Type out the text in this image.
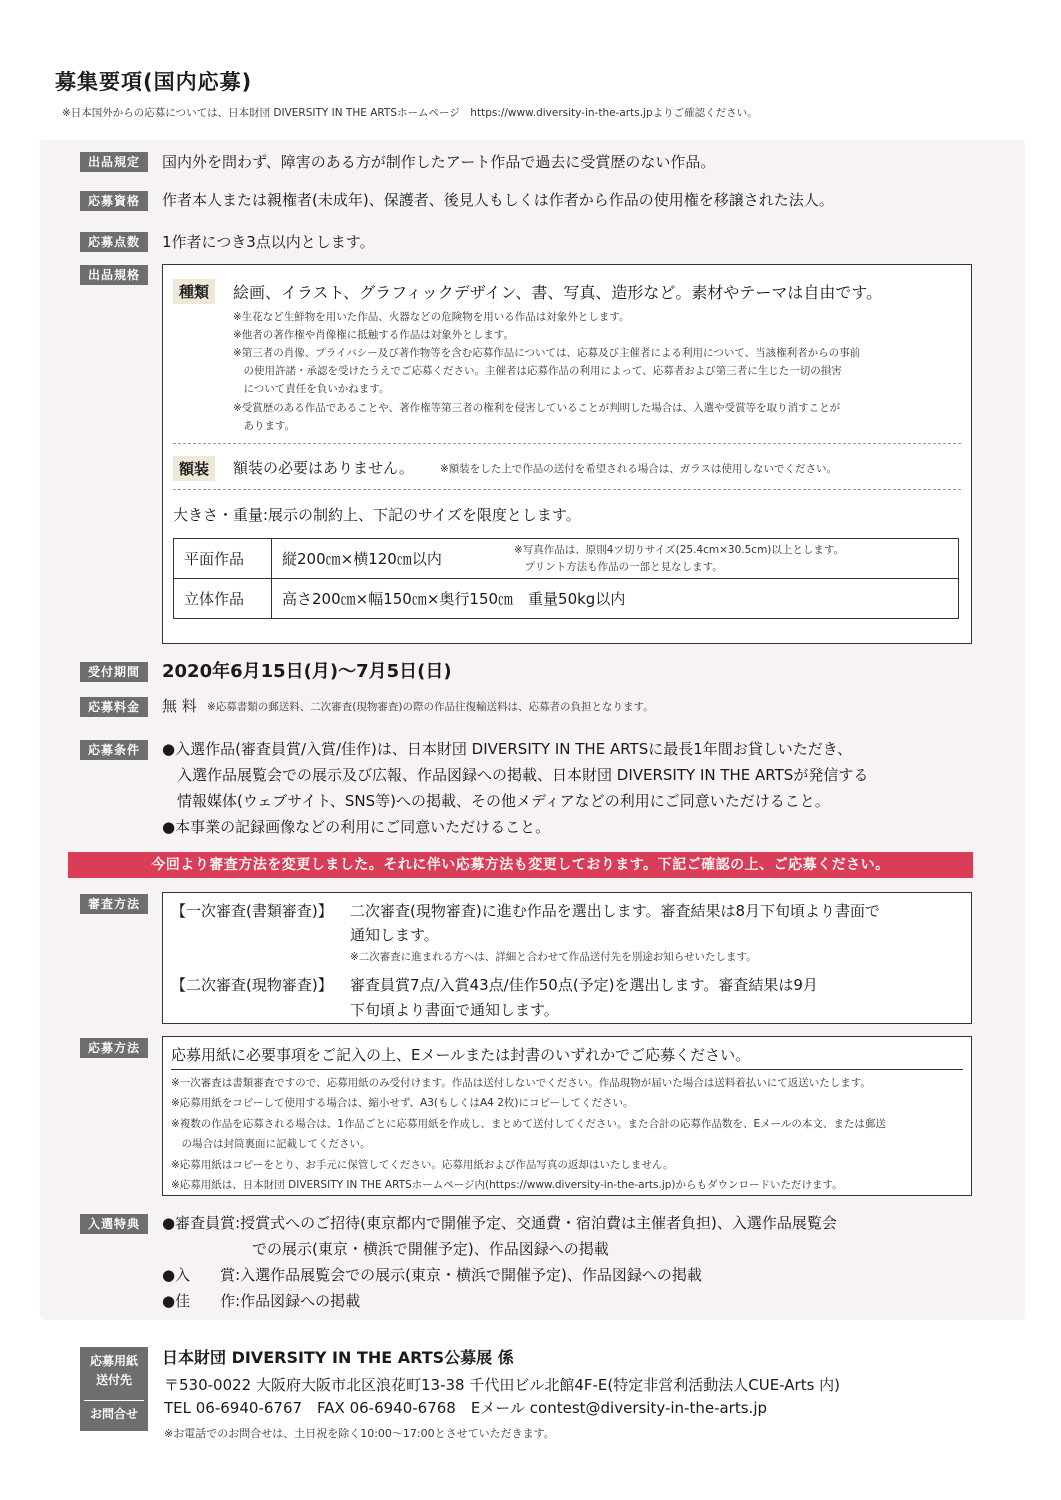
募集要項(国内応募)
※日本国外からの応募については、日本財団 DIVERSITY IN THE ARTSホームページ　https://www.diversity-in-the-arts.jpよりご確認ください。
出品規定	国内外を問わず、障害のある方が制作したアート作品で過去に受賞歴のない作品。
応募資格	作者本人または親権者(未成年)、保護者、後見人もしくは作者から作品の使用権を移譲された法人。
応募点数	1作者につき3点以内とします。
出品規格
種類	絵画、イラスト、グラフィックデザイン、書、写真、造形など。素材やテーマは自由です。
※生花など生鮮物を用いた作品、火器などの危険物を用いる作品は対象外とします。
※他者の著作権や肖像権に抵触する作品は対象外とします。
※第三者の肖像、プライバシー及び著作物等を含む応募作品については、応募及び主催者による利用について、当該権利者からの事前
　の使用許諾・承認を受けたうえでご応募ください。主催者は応募作品の利用によって、応募者および第三者に生じた一切の損害
　について責任を負いかねます。
※受賞歴のある作品であることや、著作権等第三者の権利を侵害していることが判明した場合は、入選や受賞等を取り消すことが
　あります。
額装	額装の必要はありません。 ※額装をした上で作品の送付を希望される場合は、ガラスは使用しないでください。
大きさ・重量:展示の制約上、下記のサイズを限度とします。
平面作品	縦200㎝×横120㎝以内 ※写真作品は、原則4ツ切りサイズ(25.4cm×30.5cm)以上とします。
　プリント方法も作品の一部と見なします。

立体作品	高さ200㎝×幅150㎝×奥行150㎝　重量50kg以内
受付期間	2020年6月15日(月)～7月5日(日)
応募料金	無 料 ※応募書類の郵送料、二次審査(現物審査)の際の作品往復輸送料は、応募者の負担となります。
応募条件	●入選作品(審査員賞/入賞/佳作)は、日本財団 DIVERSITY IN THE ARTSに最長1年間お貸しいただき、
　入選作品展覧会での展示及び広報、作品図録への掲載、日本財団 DIVERSITY IN THE ARTSが発信する
　情報媒体(ウェブサイト、SNS等)への掲載、その他メディアなどの利用にご同意いただけること。
●本事業の記録画像などの利用にご同意いただけること。
今回より審査方法を変更しました。それに伴い応募方法も変更しております。下記ご確認の上、ご応募ください。
審査方法	【一次審査(書類審査)】 二次審査(現物審査)に進む作品を選出します。審査結果は8月下旬頃より書面で
通知します。
※二次審査に進まれる方へは、詳細と合わせて作品送付先を別途お知らせいたします。
【二次審査(現物審査)】 審査員賞7点/入賞43点/佳作50点(予定)を選出します。審査結果は9月
下旬頃より書面で通知します。
応募方法	応募用紙に必要事項をご記入の上、Eメールまたは封書のいずれかでご応募ください。
※一次審査は書類審査ですので、応募用紙のみ受付けます。作品は送付しないでください。作品現物が届いた場合は送料着払いにて返送いたします。
※応募用紙をコピーして使用する場合は、縮小せず、A3(もしくはA4 2枚)にコピーしてください。
※複数の作品を応募される場合は、1作品ごとに応募用紙を作成し、まとめて送付してください。また合計の応募作品数を、Eメールの本文、または郵送
　の場合は封筒裏面に記載してください。
※応募用紙はコピーをとり、お手元に保管してください。応募用紙および作品写真の返却はいたしません。
※応募用紙は、日本財団 DIVERSITY IN THE ARTSホームページ内(https://www.diversity-in-the-arts.jp)からもダウンロードいただけます。
入選特典	●審査員賞:授賞式へのご招待(東京都内で開催予定、交通費・宿泊費は主催者負担)、入選作品展覧会
　　　　　　での展示(東京・横浜で開催予定)、作品図録への掲載
●入　　賞:入選作品展覧会での展示(東京・横浜で開催予定)、作品図録への掲載
●佳　　作:作品図録への掲載
応募用紙
送付先
お問合せ
日本財団 DIVERSITY IN THE ARTS公募展 係
〒530-0022 大阪府大阪市北区浪花町13-38 千代田ビル北館4F-E(特定非営利活動法人CUE-Arts 内)
TEL 06-6940-6767　FAX 06-6940-6768　Eメール contest@diversity-in-the-arts.jp
※お電話でのお問合せは、土日祝を除く10:00～17:00とさせていただきます。
